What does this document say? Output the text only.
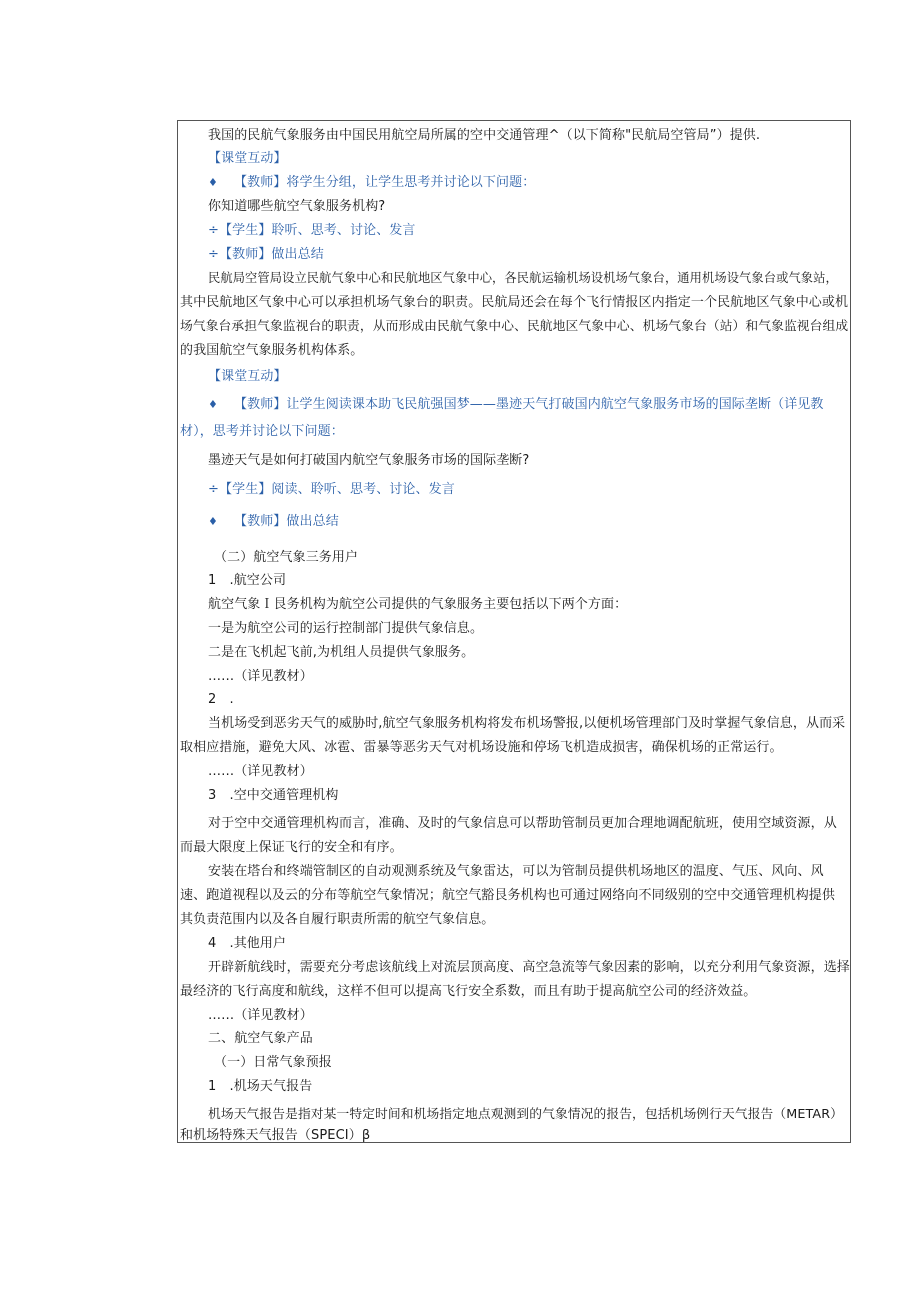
我国的民航气象服务由中国民用航空局所属的空中交通管理^（以下简称"民航局空管局”）提供.
【课堂互动】
♦ 【教师】将学生分组，让学生思考并讨论以下问题：
你知道哪些航空气象服务机构?
÷【学生】聆听、思考、讨论、发言
÷【教师】做出总结
民航局空管局设立民航气象中心和民航地区气象中心，各民航运输机场设机场气象台，通用机场设气象台或气象站，
其中民航地区气象中心可以承担机场气象台的职责。民航局还会在每个飞行情报区内指定一个民航地区气象中心或机
场气象台承担气象监视台的职责，从而形成由民航气象中心、民航地区气象中心、机场气象台（站）和气象监视台组成
的我国航空气象服务机构体系。
【课堂互动】
♦ 【教师】让学生阅读课本助飞民航强国梦——墨迹天气打破国内航空气象服务市场的国际垄断（详见教
材），思考并讨论以下问题：
墨迹天气是如何打破国内航空气象服务市场的国际垄断?
÷【学生】阅读、聆听、思考、讨论、发言
♦ 【教师】做出总结
（二）航空气象三务用户
1　.航空公司
航空气象Ｉ艮务机构为航空公司提供的气象服务主要包括以下两个方面：
一是为航空公司的运行控制部门提供气象信息。
二是在飞机起飞前,为机组人员提供气象服务。
……（详见教材）
2　.
当机场受到恶劣天气的威胁时,航空气象服务机构将发布机场警报,以便机场管理部门及时掌握气象信息，从而采
取相应措施，避免大风、冰雹、雷暴等恶劣天气对机场设施和停场飞机造成损害，确保机场的正常运行。
……（详见教材）
3　.空中交通管理机构
对于空中交通管理机构而言，准确、及时的气象信息可以帮助管制员更加合理地调配航班，使用空域资源，从
而最大限度上保证飞行的安全和有序。
安装在塔台和终端管制区的自动观测系统及气象雷达，可以为管制员提供机场地区的温度、气压、风向、风
速、跑道视程以及云的分布等航空气象情况；航空气豁艮务机构也可通过网络向不同级别的空中交通管理机构提供
其负责范围内以及各自履行职责所需的航空气象信息。
4　.其他用户
开辟新航线时，需要充分考虑该航线上对流层顶高度、高空急流等气象因素的影响，以充分利用气象资源，选择
最经济的飞行高度和航线，这样不但可以提高飞行安全系数，而且有助于提高航空公司的经济效益。
……（详见教材）
二、航空气象产品
（一）日常气象预报
1　.机场天气报告
机场天气报告是指对某一特定时间和机场指定地点观测到的气象情况的报告，包括机场例行天气报告（METAR）
和机场特殊天气报告（SPECI）β
